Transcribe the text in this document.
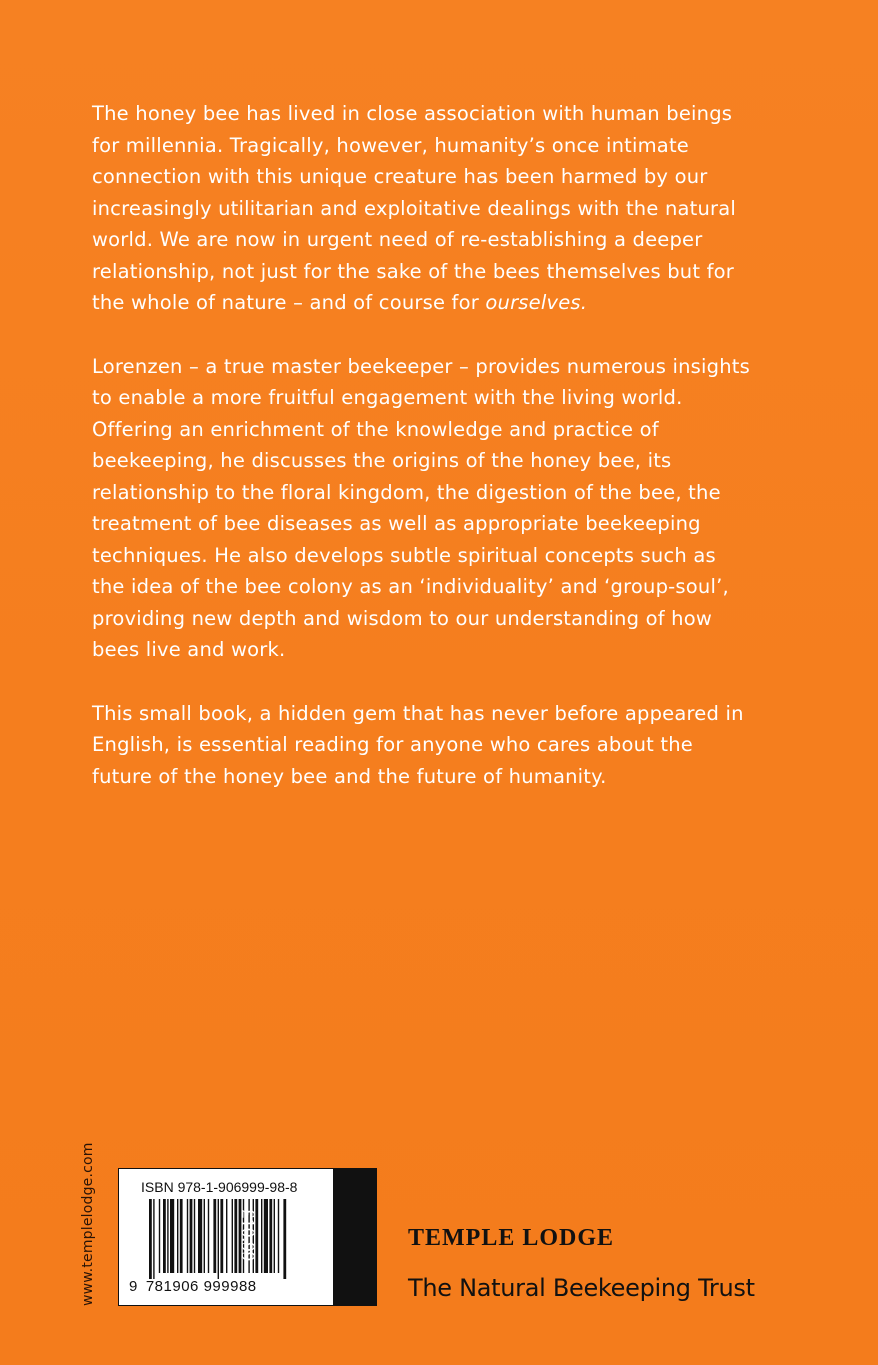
The honey bee has lived in close association with human beings for millennia. Tragically, however, humanity’s once intimate connection with this unique creature has been harmed by our increasingly utilitarian and exploitative dealings with the natural world. We are now in urgent need of re-establishing a deeper relationship, not just for the sake of the bees themselves but for the whole of nature – and of course for ourselves.

Lorenzen – a true master beekeeper – provides numerous insights to enable a more fruitful engagement with the living world. Offering an enrichment of the knowledge and practice of beekeeping, he discusses the origins of the honey bee, its relationship to the floral kingdom, the digestion of the bee, the treatment of bee diseases as well as appropriate beekeeping techniques. He also develops subtle spiritual concepts such as the idea of the bee colony as an ‘individuality’ and ‘group-soul’, providing new depth and wisdom to our understanding of how bees live and work.

This small book, a hidden gem that has never before appeared in English, is essential reading for anyone who cares about the future of the honey bee and the future of humanity.

www.templelodge.com	ISBN 978-1-906999-98-8
9 781906 999988
£10.99	TEMPLE LODGE
The Natural Beekeeping Trust
